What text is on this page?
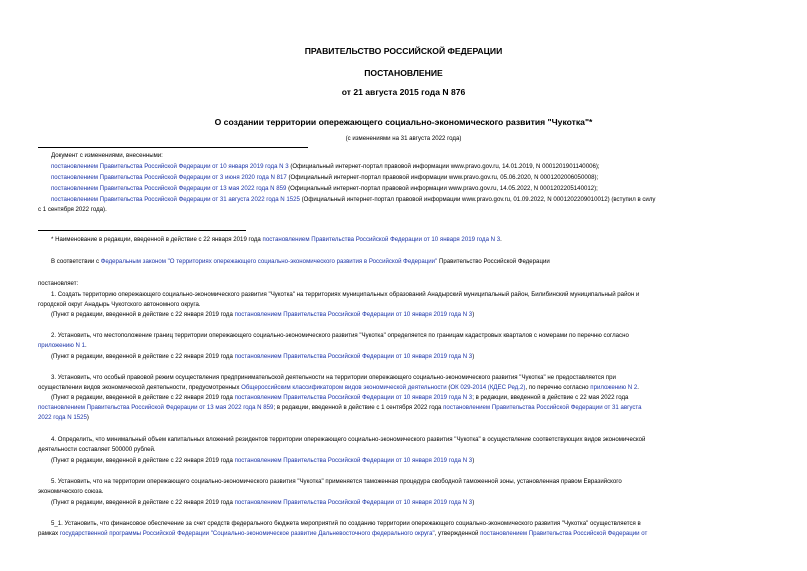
ПРАВИТЕЛЬСТВО РОССИЙСКОЙ ФЕДЕРАЦИИ
ПОСТАНОВЛЕНИЕ
от 21 августа 2015 года N 876
О создании территории опережающего социально-экономического развития "Чукотка"*
(с изменениями на 31 августа 2022 года)
Документ с изменениями, внесенными:
постановлением Правительства Российской Федерации от 10 января 2019 года N 3 (Официальный интернет-портал правовой информации www.pravo.gov.ru, 14.01.2019, N 0001201901140006);
постановлением Правительства Российской Федерации от 3 июня 2020 года N 817 (Официальный интернет-портал правовой информации www.pravo.gov.ru, 05.06.2020, N 0001202006050008);
постановлением Правительства Российской Федерации от 13 мая 2022 года N 859 (Официальный интернет-портал правовой информации www.pravo.gov.ru, 14.05.2022, N 0001202205140012);
постановлением Правительства Российской Федерации от 31 августа 2022 года N 1525 (Официальный интернет-портал правовой информации www.pravo.gov.ru, 01.09.2022, N 0001202209010012) (вступил в силу
с 1 сентября 2022 года).
* Наименование в редакции, введенной в действие с 22 января 2019 года постановлением Правительства Российской Федерации от 10 января 2019 года N 3.
В соответствии с Федеральным законом "О территориях опережающего социально-экономического развития в Российской Федерации" Правительство Российской Федерации
постановляет:
1. Создать территорию опережающего социально-экономического развития "Чукотка" на территориях муниципальных образований Анадырский муниципальный район, Билибинский муниципальный район и
городской округ Анадырь Чукотского автономного округа.
(Пункт в редакции, введенной в действие с 22 января 2019 года постановлением Правительства Российской Федерации от 10 января 2019 года N 3)
2. Установить, что местоположение границ территории опережающего социально-экономического развития "Чукотка" определяется по границам кадастровых кварталов с номерами по перечню согласно
приложению N 1.
(Пункт в редакции, введенной в действие с 22 января 2019 года постановлением Правительства Российской Федерации от 10 января 2019 года N 3)
3. Установить, что особый правовой режим осуществления предпринимательской деятельности на территории опережающего социально-экономического развития "Чукотка" не предоставляется при
осуществлении видов экономической деятельности, предусмотренных Общероссийским классификатором видов экономической деятельности (ОК 029-2014 (КДЕС Ред.2), по перечню согласно приложению N 2.
(Пункт в редакции, введенной в действие с 22 января 2019 года постановлением Правительства Российской Федерации от 10 января 2019 года N 3; в редакции, введенной в действие с 22 мая 2022 года
постановлением Правительства Российской Федерации от 13 мая 2022 года N 859; в редакции, введенной в действие с 1 сентября 2022 года постановлением Правительства Российской Федерации от 31 августа
2022 года N 1525)
4. Определить, что минимальный объем капитальных вложений резидентов территории опережающего социально-экономического развития "Чукотка" в осуществление соответствующих видов экономической
деятельности составляет 500000 рублей.
(Пункт в редакции, введенной в действие с 22 января 2019 года постановлением Правительства Российской Федерации от 10 января 2019 года N 3)
5. Установить, что на территории опережающего социально-экономического развития "Чукотка" применяется таможенная процедура свободной таможенной зоны, установленная правом Евразийского
экономического союза.
(Пункт в редакции, введенной в действие с 22 января 2019 года постановлением Правительства Российской Федерации от 10 января 2019 года N 3)
5_1. Установить, что финансовое обеспечение за счет средств федерального бюджета мероприятий по созданию территории опережающего социально-экономического развития "Чукотка" осуществляется в
рамках государственной программы Российской Федерации "Социально-экономическое развитие Дальневосточного федерального округа", утвержденной постановлением Правительства Российской Федерации от
